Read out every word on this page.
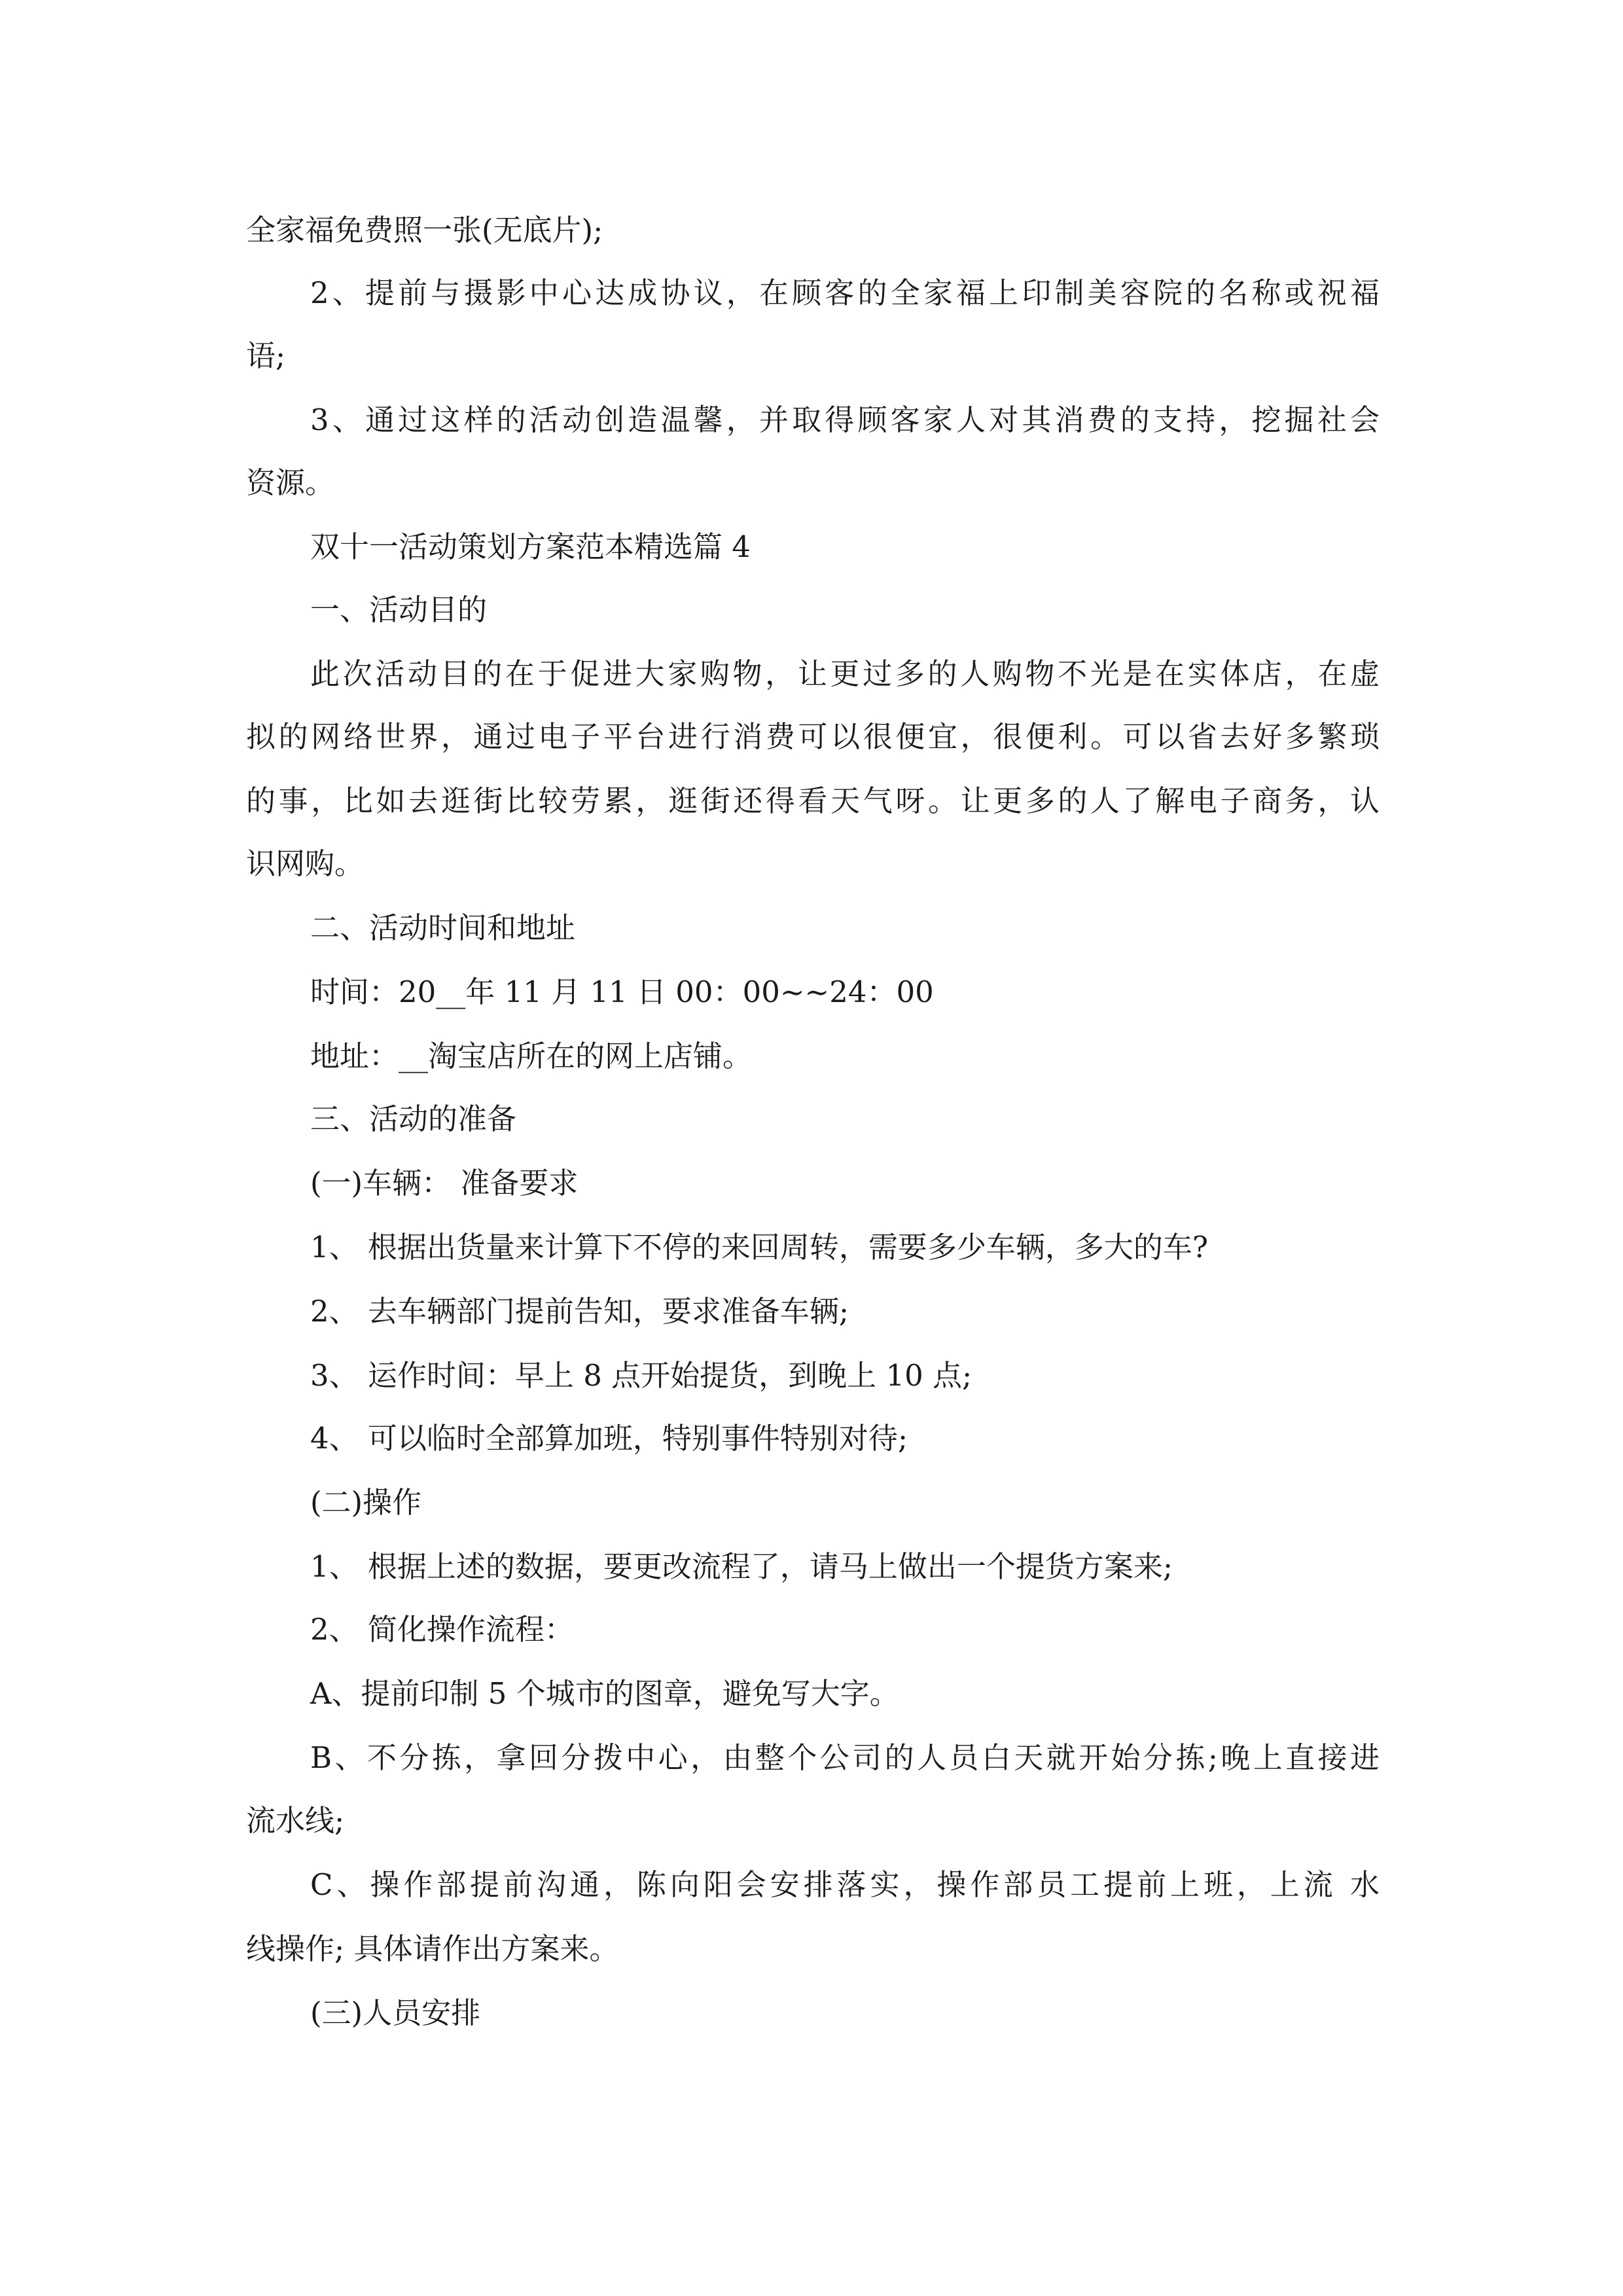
全家福免费照一张(无底片);
2、提前与摄影中心达成协议，在顾客的全家福上印制美容院的名称或祝福
语;
3、通过这样的活动创造温馨，并取得顾客家人对其消费的支持，挖掘社会
资源。
双十一活动策划方案范本精选篇 4
一、活动目的
此次活动目的在于促进大家购物，让更过多的人购物不光是在实体店，在虚
拟的网络世界，通过电子平台进行消费可以很便宜，很便利。可以省去好多繁琐
的事，比如去逛街比较劳累，逛街还得看天气呀。让更多的人了解电子商务，认
识网购。
二、活动时间和地址
时间：20__年 11 月 11 日 00：00~~24：00
地址：__淘宝店所在的网上店铺。
三、活动的准备
(一)车辆： 准备要求
1、 根据出货量来计算下不停的来回周转，需要多少车辆，多大的车?
2、 去车辆部门提前告知，要求准备车辆;
3、 运作时间：早上 8 点开始提货，到晚上 10 点;
4、 可以临时全部算加班，特别事件特别对待;
(二)操作
1、 根据上述的数据，要更改流程了，请马上做出一个提货方案来;
2、 简化操作流程：
A、提前印制 5 个城市的图章，避免写大字。
B、不分拣，拿回分拨中心，由整个公司的人员白天就开始分拣;晚上直接进
流水线;
C、操作部提前沟通，陈向阳会安排落实，操作部员工提前上班，上流 水
线操作; 具体请作出方案来。
(三)人员安排
